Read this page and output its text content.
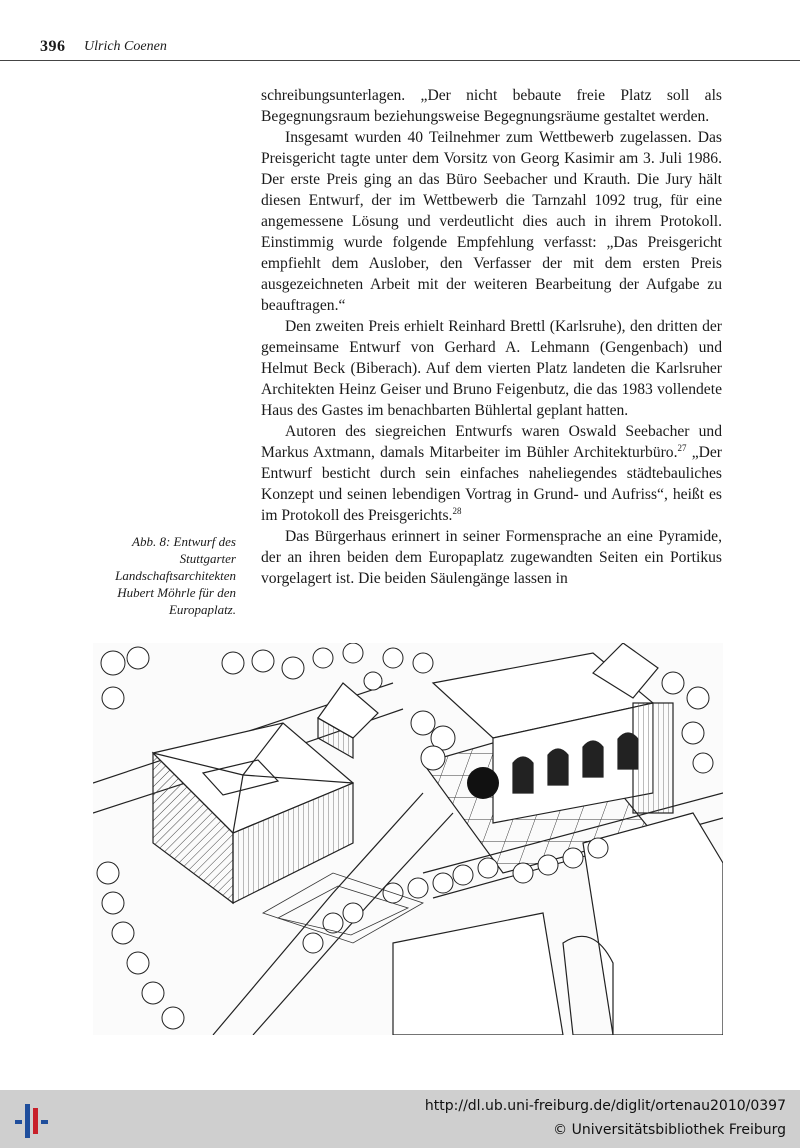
396 Ulrich Coenen

schreibungsunterlagen. „Der nicht bebaute freie Platz soll als Begegnungsraum beziehungsweise Begegnungsräume gestaltet werden.

Insgesamt wurden 40 Teilnehmer zum Wettbewerb zugelassen. Das Preisgericht tagte unter dem Vorsitz von Georg Kasimir am 3. Juli 1986. Der erste Preis ging an das Büro Seebacher und Krauth. Die Jury hält diesen Entwurf, der im Wettbewerb die Tarnzahl 1092 trug, für eine angemessene Lösung und verdeutlicht dies auch in ihrem Protokoll. Einstimmig wurde folgende Empfehlung verfasst: „Das Preisgericht empfiehlt dem Auslober, den Verfasser der mit dem ersten Preis ausgezeichneten Arbeit mit der weiteren Bearbeitung der Aufgabe zu beauftragen.“

Den zweiten Preis erhielt Reinhard Brettl (Karlsruhe), den dritten der gemeinsame Entwurf von Gerhard A. Lehmann (Gengenbach) und Helmut Beck (Biberach). Auf dem vierten Platz landeten die Karlsruher Architekten Heinz Geiser und Bruno Feigenbutz, die das 1983 vollendete Haus des Gastes im benachbarten Bühlertal geplant hatten.

Autoren des siegreichen Entwurfs waren Oswald Seebacher und Markus Axtmann, damals Mitarbeiter im Bühler Architekturbüro.$^{27}$ „Der Entwurf besticht durch sein einfaches naheliegendes städtebauliches Konzept und seinen lebendigen Vortrag in Grund- und Aufriss“, heißt es im Protokoll des Preisgerichts.$^{28}$

Das Bürgerhaus erinnert in seiner Formensprache an eine Pyramide, der an ihren beiden dem Europaplatz zugewandten Seiten ein Portikus vorgelagert ist. Die beiden Säulengänge lassen in

Abb. 8: Entwurf des Stuttgarter Landschaftsarchitekten Hubert Möhrle für den Europaplatz.
http://dl.ub.uni-freiburg.de/diglit/ortenau2010/0397
© Universitätsbibliothek Freiburg
